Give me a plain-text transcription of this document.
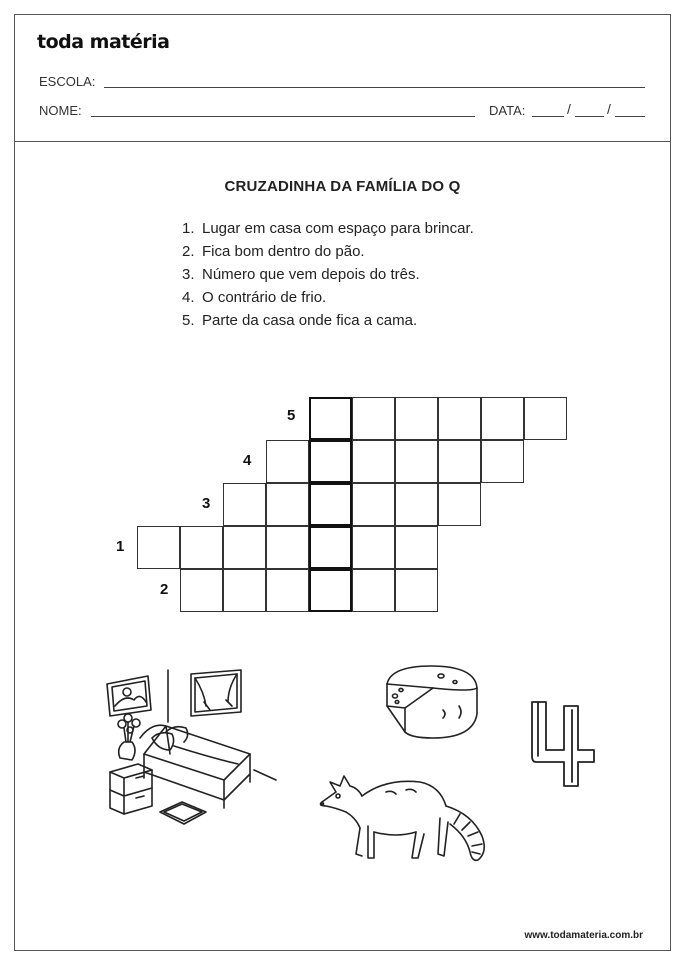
toda matéria
ESCOLA:
NOME:	DATA:	/	/
CRUZADINHA DA FAMÍLIA DO Q
1. Lugar em casa com espaço para brincar.
2. Fica bom dentro do pão.
3. Número que vem depois do três.
4. O contrário de frio.
5. Parte da casa onde fica a cama.
5
4
3
1
2
www.todamateria.com.br
